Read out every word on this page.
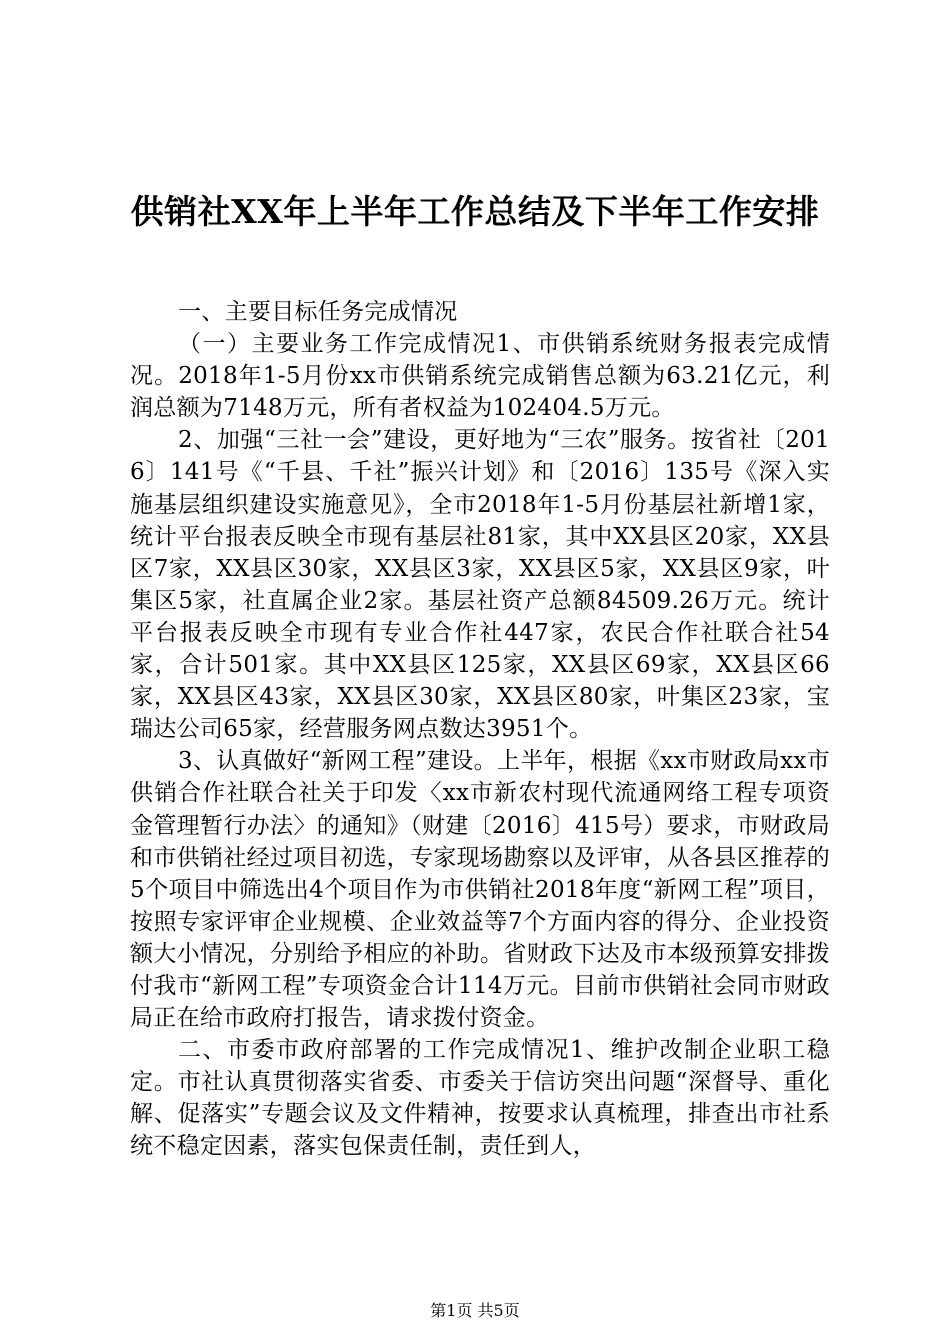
供销社XX年上半年工作总结及下半年工作安排

一、主要目标任务完成情况

（一）主要业务工作完成情况1、市供销系统财务报表完成情况。2018年1-5月份xx市供销系统完成销售总额为63.21亿元，利润总额为7148万元，所有者权益为102404.5万元。

2、加强“三社一会”建设，更好地为“三农”服务。按省社〔2016〕141号《“千县、千社”振兴计划》和〔2016〕135号《深入实施基层组织建设实施意见》，全市2018年1-5月份基层社新增1家，统计平台报表反映全市现有基层社81家，其中XX县区20家，XX县区7家，XX县区30家，XX县区3家，XX县区5家，XX县区9家，叶集区5家，社直属企业2家。基层社资产总额84509.26万元。统计平台报表反映全市现有专业合作社447家，农民合作社联合社54家，合计501家。其中XX县区125家，XX县区69家，XX县区66家，XX县区43家，XX县区30家，XX县区80家，叶集区23家，宝瑞达公司65家，经营服务网点数达3951个。

3、认真做好“新网工程”建设。上半年，根据《xx市财政局xx市供销合作社联合社关于印发〈xx市新农村现代流通网络工程专项资金管理暂行办法〉的通知》（财建〔2016〕415号）要求，市财政局和市供销社经过项目初选，专家现场勘察以及评审，从各县区推荐的5个项目中筛选出4个项目作为市供销社2018年度“新网工程”项目，按照专家评审企业规模、企业效益等7个方面内容的得分、企业投资额大小情况，分别给予相应的补助。省财政下达及市本级预算安排拨付我市“新网工程”专项资金合计114万元。目前市供销社会同市财政局正在给市政府打报告，请求拨付资金。

二、市委市政府部署的工作完成情况1、维护改制企业职工稳定。市社认真贯彻落实省委、市委关于信访突出问题“深督导、重化解、促落实”专题会议及文件精神，按要求认真梳理，排查出市社系统不稳定因素，落实包保责任制，责任到人，

第1页 共5页
